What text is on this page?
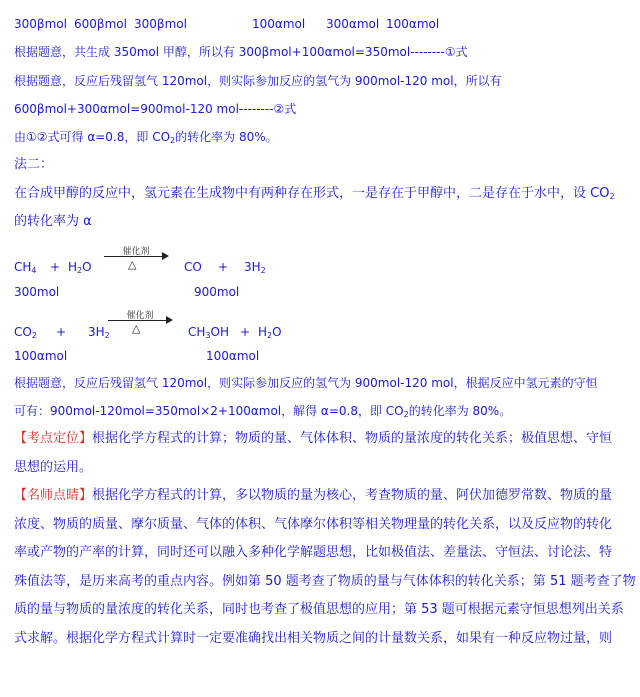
300βmol 600βmol 300βmol	100αmol 300αmol 100αmol
根据题意，共生成 350mol 甲醇，所以有 300βmol+100αmol=350mol--------①式
根据题意，反应后残留氢气 120mol，则实际参加反应的氢气为 900mol-120 mol，所以有
600βmol+300αmol=900mol-120 mol--------②式
由①②式可得 α=0.8，即 $CO_2$的转化率为 80%。
法二：
在合成甲醇的反应中，氢元素在生成物中有两种存在形式，一是存在于甲醇中，二是存在于水中，设 $CO_2$
的转化率为 α
$CH_4 + H_2O$
催化剂
△	CO + $3H_2$
300mol	900mol
$CO_2 + 3H_2$
催化剂
△	$CH_3OH + H_2O$
100αmol	100αmol
根据题意，反应后残留氢气 120mol，则实际参加反应的氢气为 900mol-120 mol，根据反应中氢元素的守恒
可有：900mol-120mol=350mol×2+100αmol，解得 α=0.8，即 $CO_2$的转化率为 80%。
【考点定位】根据化学方程式的计算；物质的量、气体体积、物质的量浓度的转化关系；极值思想、守恒
思想的运用。
【名师点睛】根据化学方程式的计算，多以物质的量为核心，考查物质的量、阿伏加德罗常数、物质的量
浓度、物质的质量、摩尔质量、气体的体积、气体摩尔体积等相关物理量的转化关系，以及反应物的转化
率或产物的产率的计算，同时还可以融入多种化学解题思想，比如极值法、差量法、守恒法、讨论法、特
殊值法等，是历来高考的重点内容。例如第 50 题考查了物质的量与气体体积的转化关系；第 51 题考查了物
质的量与物质的量浓度的转化关系，同时也考查了极值思想的应用；第 53 题可根据元素守恒思想列出关系
式求解。根据化学方程式计算时一定要准确找出相关物质之间的计量数关系，如果有一种反应物过量，则
